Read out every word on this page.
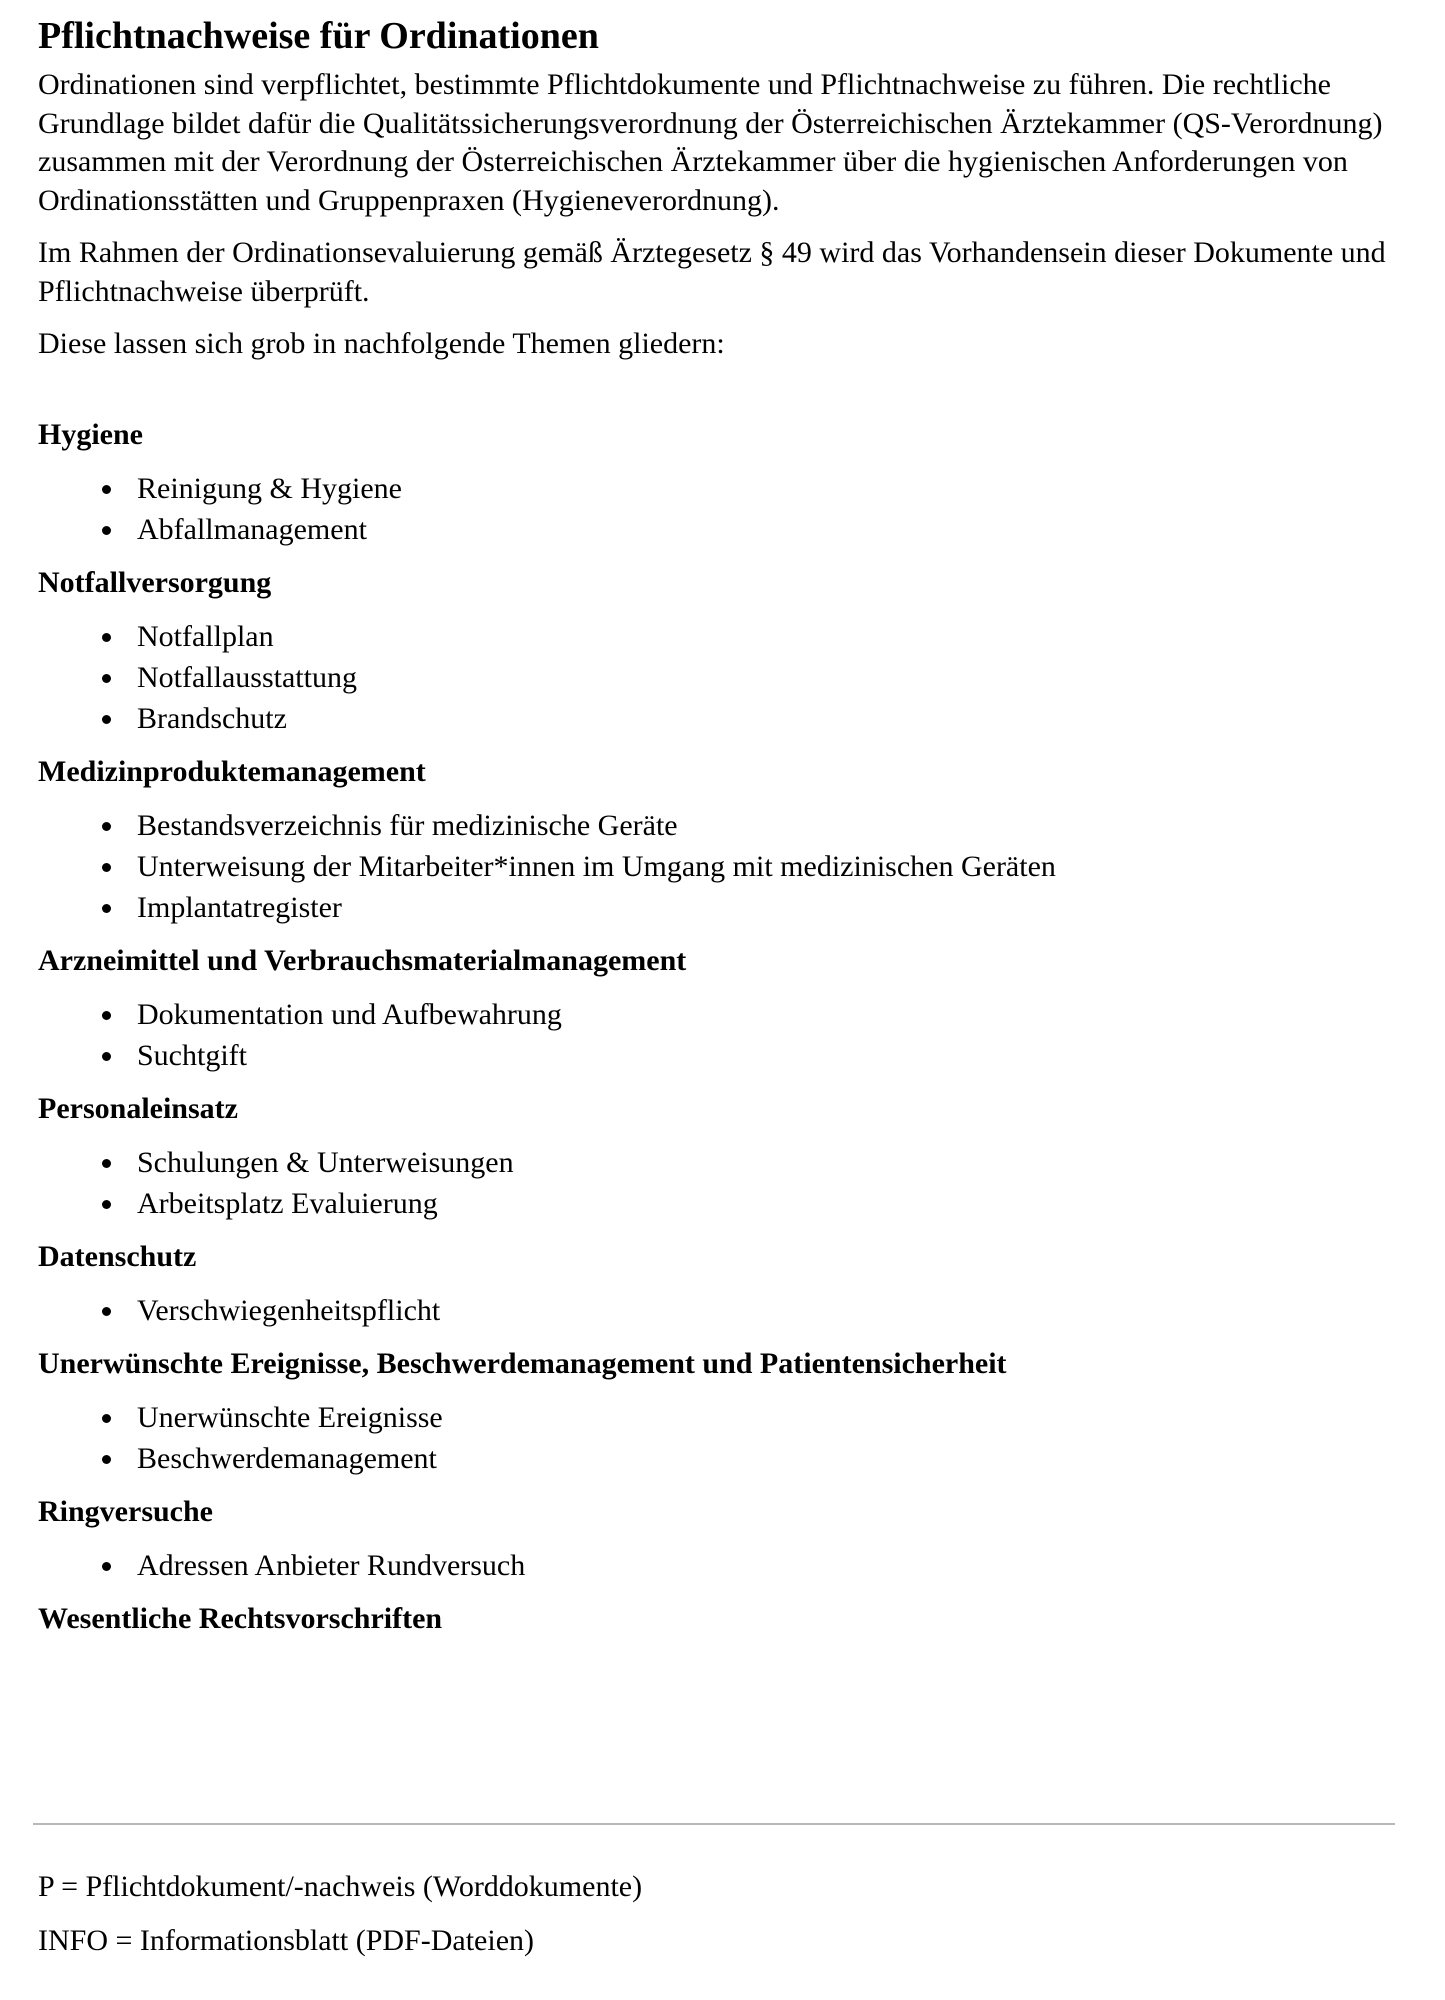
Pflichtnachweise für Ordinationen

Ordinationen sind verpflichtet, bestimmte Pflichtdokumente und Pflichtnachweise zu führen. Die rechtliche Grundlage bildet dafür die Qualitätssicherungsverordnung der Österreichischen Ärztekammer (QS-Verordnung) zusammen mit der Verordnung der Österreichischen Ärztekammer über die hygienischen Anforderungen von Ordinationsstätten und Gruppenpraxen (Hygieneverordnung).

Im Rahmen der Ordinationsevaluierung gemäß Ärztegesetz § 49 wird das Vorhandensein dieser Dokumente und Pflichtnachweise überprüft.

Diese lassen sich grob in nachfolgende Themen gliedern:

Hygiene
Reinigung & Hygiene
Abfallmanagement
Notfallversorgung
Notfallplan
Notfallausstattung
Brandschutz
Medizinproduktemanagement
Bestandsverzeichnis für medizinische Geräte
Unterweisung der Mitarbeiter*innen im Umgang mit medizinischen Geräten
Implantatregister
Arzneimittel und Verbrauchsmaterialmanagement
Dokumentation und Aufbewahrung
Suchtgift
Personaleinsatz
Schulungen & Unterweisungen
Arbeitsplatz Evaluierung
Datenschutz
Verschwiegenheitspflicht
Unerwünschte Ereignisse, Beschwerdemanagement und Patientensicherheit
Unerwünschte Ereignisse
Beschwerdemanagement
Ringversuche
Adressen Anbieter Rundversuch
Wesentliche Rechtsvorschriften
P = Pflichtdokument/-nachweis (Worddokumente)
INFO = Informationsblatt (PDF-Dateien)
